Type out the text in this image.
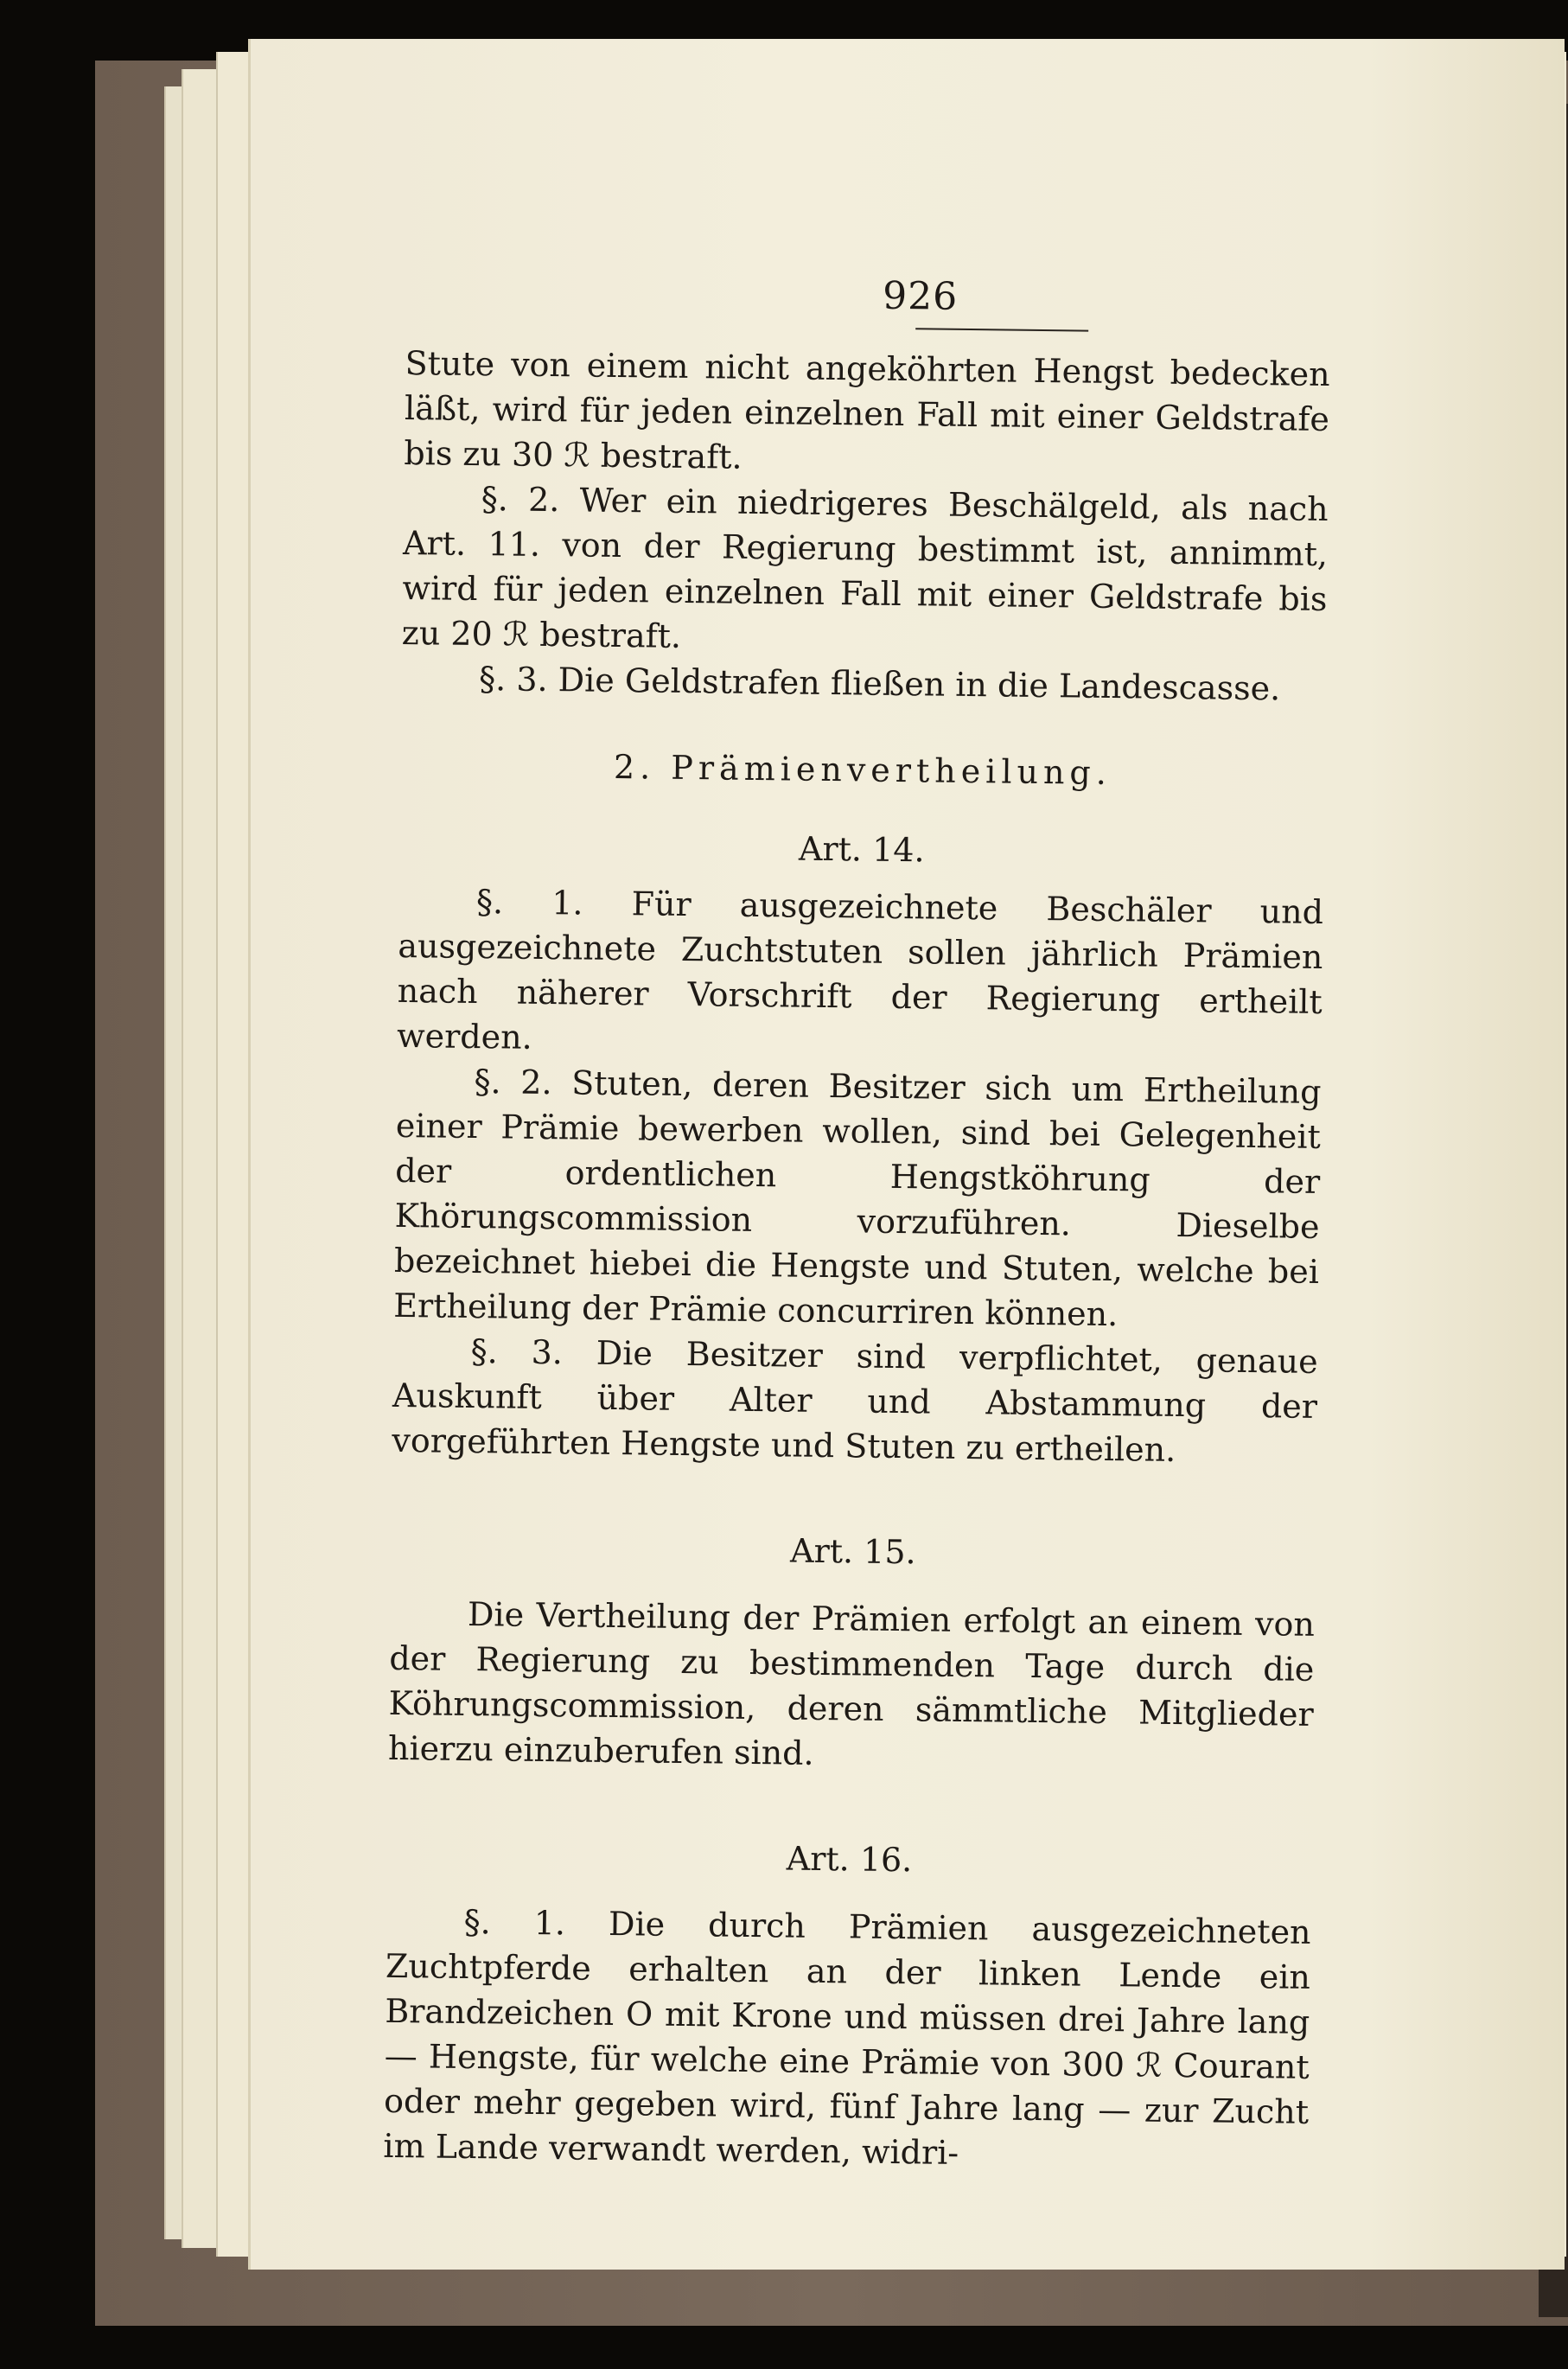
926

Stute von einem nicht angeköhrten Hengst bedecken läßt, wird für jeden einzelnen Fall mit einer Geldstrafe bis zu 30 ℛ bestraft.

§. 2. Wer ein niedrigeres Beschälgeld, als nach Art. 11. von der Regierung bestimmt ist, annimmt, wird für jeden einzelnen Fall mit einer Geldstrafe bis zu 20 ℛ bestraft.

§. 3. Die Geldstrafen fließen in die Landescasse.

2. Prämienvertheilung.
Art. 14.

§. 1. Für ausgezeichnete Beschäler und ausgezeichnete Zuchtstuten sollen jährlich Prämien nach näherer Vorschrift der Regierung ertheilt werden.

§. 2. Stuten, deren Besitzer sich um Ertheilung einer Prämie bewerben wollen, sind bei Gelegenheit der ordentlichen Hengstköhrung der Khörungscommission vorzuführen. Dieselbe bezeichnet hiebei die Hengste und Stuten, welche bei Ertheilung der Prämie concurriren können.

§. 3. Die Besitzer sind verpflichtet, genaue Auskunft über Alter und Abstammung der vorgeführten Hengste und Stuten zu ertheilen.

Art. 15.

Die Vertheilung der Prämien erfolgt an einem von der Regierung zu bestimmenden Tage durch die Köhrungscommission, deren sämmtliche Mitglieder hierzu einzuberufen sind.

Art. 16.

§. 1. Die durch Prämien ausgezeichneten Zuchtpferde erhalten an der linken Lende ein Brandzeichen O mit Krone und müssen drei Jahre lang — Hengste, für welche eine Prämie von 300 ℛ Courant oder mehr gegeben wird, fünf Jahre lang — zur Zucht im Lande verwandt werden, widri-
